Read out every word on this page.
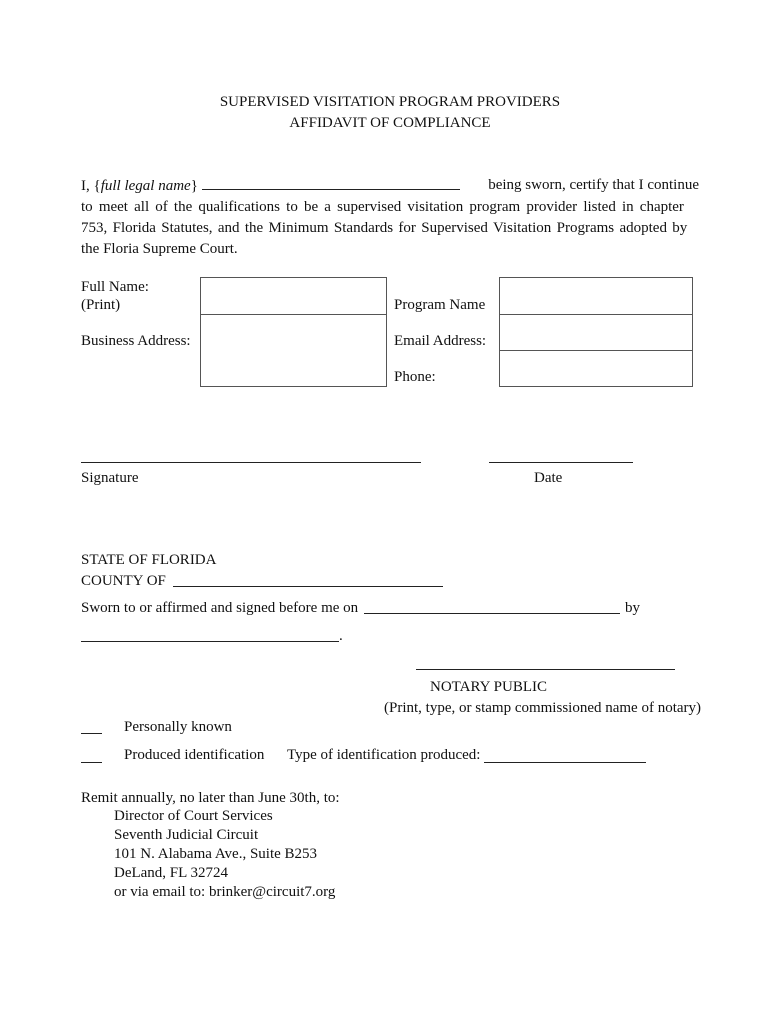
SUPERVISED VISITATION PROGRAM PROVIDERS
AFFIDAVIT OF COMPLIANCE
I, {full legal name}	being sworn, certify that I continue
to meet all of the qualifications to be a supervised visitation program provider listed in chapter
753, Florida Statutes, and the Minimum Standards for Supervised Visitation Programs adopted by
the Floria Supreme Court.
Full Name:
(Print)
Business Address:
Program Name
Email Address:
Phone:
Signature	Date
STATE OF FLORIDA
COUNTY OF
Sworn to or affirmed and signed before me on	by
.
NOTARY PUBLIC
(Print, type, or stamp commissioned name of notary)
Personally known
Produced identification Type of identification produced:
Remit annually, no later than June 30th, to:
Director of Court Services
Seventh Judicial Circuit
101 N. Alabama Ave., Suite B253
DeLand, FL 32724
or via email to: brinker@circuit7.org
